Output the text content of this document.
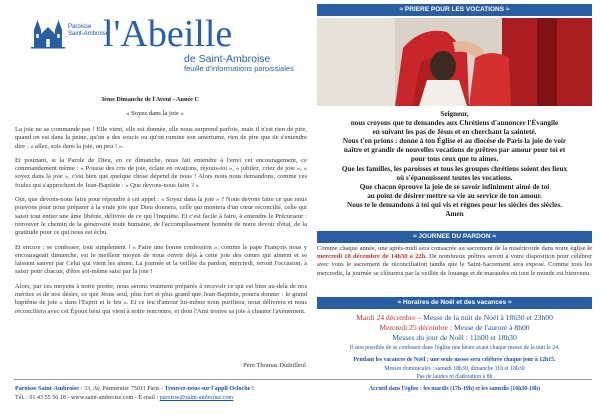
Paroisse
Saint-Ambroise
l'Abeille
de Saint-Ambroise
feuille d'informations paroissiales
3ème Dimanche de l'Avent - Année C
« Soyez dans la joie »

La joie ne se commande pas ! Elle vient, elle est donnée, elle nous surprend parfois, mais il n'est rien de pire, quand on est dans la peine, qu'on a des soucis ou qu'on rumine son amertume, rien de pire que de s'entendre dire : « allez, sois dans la joie, un peu ! ».

Et pourtant, si la Parole de Dieu, en ce dimanche, nous fait entendre à l'envi cet encouragement, ce commandement même : « Pousse des cris de joie, éclate en ovations, réjouis-toi », « jubilez, criez de joie », « soyez dans la joie », c'est bien que quelque chose dépend de nous ! Alors nous nous demandons, comme ces foules qui s'approchent de Jean-Baptiste : « Que devons-nous faire ? »

Oui, que devons-nous faire pour répondre à cet appel : « Soyez dans la joie » ? Nous devons faire ce que nous pouvons pour nous préparer à la vraie joie que Dieu donnera, celle qui montera d'un cœur réconcilié, celle qui saisit tout entier une âme libérée, délivrée de ce qui l'inquiète. Et c'est facile à faire, à entendre le Précurseur : retrouver le chemin de la générosité toute humaine, de l'accomplissement honnête de notre devoir d'état, de la gratitude pour ce qui nous est échu.

Et encore : se confesser, tout simplement ! « Faire une bonne confession », comme le pape François nous y encourageait dimanche, est le meilleur moyen de nous ouvrir déjà à cette joie des cœurs qui aiment et se laissent sauver par Celui qui vient les aimer. La journée et la veillée du pardon, mercredi, seront l'occasion, à saisir pour chacun, d'être soi-même saisi par la joie !

Alors, par ces moyens à notre portée, nous serons vraiment préparés à recevoir ce qui est bien au-delà de nos mérites et de nos désirs, ce que Jésus seul, plus fort et plus grand que Jean-Baptiste, pourra donner : le grand baptême de joie « dans l'Esprit et le feu ». Et ce feu d'amour lui-même nous purifiera, nous délivrera et nous réconciliera avec cet Époux béni qui vient à notre rencontre, et dont l'Ami trouve sa joie à chanter l'avènement.

Père Thomas Duthilleul
Paroisse Saint-Ambroise - 33, Av. Parmentier 75011 Paris - Trouvez-nous sur l'appli Ocloche !
Tél. : 01 43 55 56 18 - www.saint-ambroise.com - E-mail : paroisse@saint-ambroise.com
≈ PRIERE POUR LES VOCATIONS ≈
Seigneur,
nous croyons que tu demandes aux Chrétiens d'annoncer l'Évangile
en suivant les pas de Jésus et en cherchant la sainteté.
Nous t'en prions : donne à ton Église et au diocèse de Paris la joie de voir
naître et grandir de nouvelles vocations de prêtres par amour pour toi et
pour tous ceux que tu aimes.
Que les familles, les paroisses et tous les groupes chrétiens soient des lieux
où s'épanouissent toutes les vocations.
Que chacun éprouve la joie de se savoir infiniment aimé de toi
au point de désirer mettre sa vie au service de ton amour.
Nous te le demandons à toi qui vis et règnes pour les siècles des siècles.
Amen
≈ JOURNEE DU PARDON ≈
Comme chaque année, une après-midi sera consacrée au sacrement de la miséricorde dans notre église le mercredi 18 décembre de 14h30 à 22h. De nombreux prêtres seront à votre disposition pour célébrer avec vous le sacrement de réconciliation tandis que le Saint-Sacrement sera exposé. Comme tous les mercredis, la journée se clôturera par la veillée de louange et de maraudes où tout le monde est bienvenu.
≈ Horaires de Noël et des vacances ≈
Mardi 24 décembre – Messe de la nuit de Noël à 18h30 et 23h00
Mercredi 25 décembre : Messe de l'aurore à 8h00
Messes du jour de Noël : 11h00 et 18h30
Il sera possible de se confesser dans l'église une heure avant chaque messe de la nuit le 24.
Pendant les vacances de Noël : une seule messe sera célébrée chaque jour à 12h15.
Messes dominicales : samedi 18h30, dimanche 11h et 18h30
Pas de laudes ni d'adoration à 8h
Accueil dans l'église : les mardis (17h-19h) et les samedis (16h30-18h)
